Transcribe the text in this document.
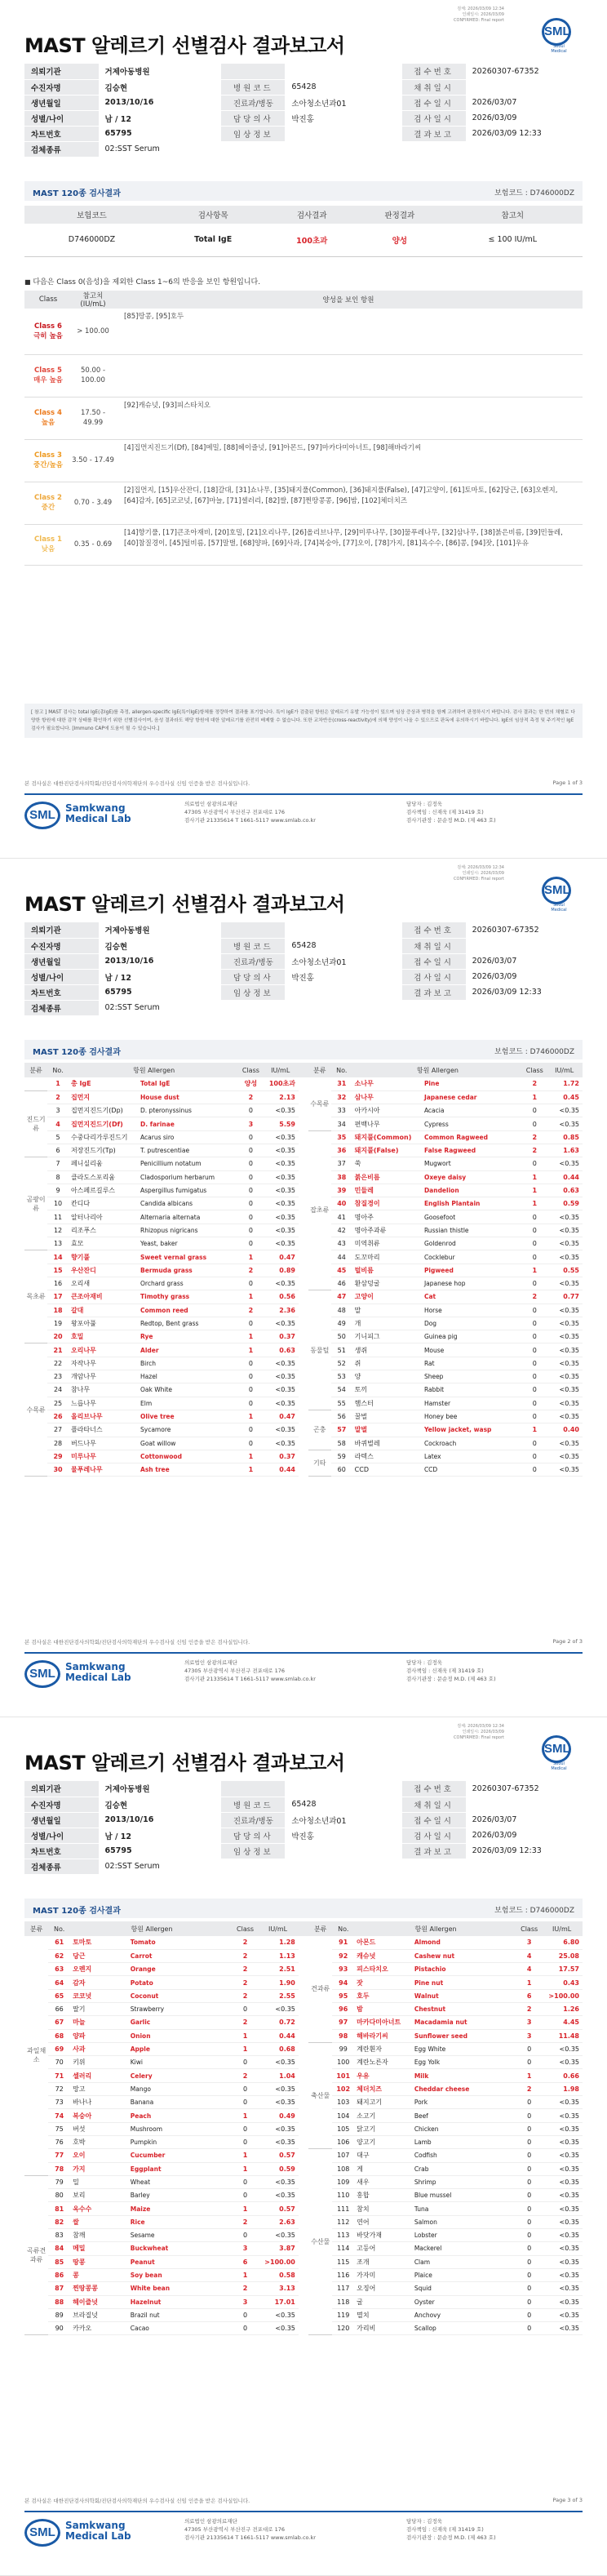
검체: 2026/03/09 12:34
인쇄일시: 2026/03/09
CONFIRMED: Final report
SML
Seoul Medical
MAST 알레르기 선별검사 결과보고서
의뢰기관	거제아동병원			접수번호	20260307-67352
수진자명	김승현	병원코드	65428	채취일시	
생년월일	2013/10/16	진료과/병동	소아청소년과01	접수일시	2026/03/07
성별/나이	남 / 12	담당의사	박진홍	검사일시	2026/03/09
차트번호	65795	임상정보		결과보고	2026/03/09 12:33
검체종류	02:SST Serum				
MAST 120종 검사결과	보험코드 : D746000DZ
본 검사실은 대한진단검사의학회/진단검사의학재단의 우수검사실 신임 인증을 받은 검사실입니다.	Page 1 of 3
SML	Samkwang
Medical Lab
의료법인 삼광의료재단
47305 부산광역시 부산진구 전포대로 176
검사기관 21335614 T 1661-5117 www.smlab.co.kr
담당자 : 김정욱
검사책임 : 신재욱 (제 31419 호)
검사기관장 : 문순정 M.D. (제 463 호)
보험코드	검사항목	검사결과	판정결과	참고치
D746000DZ	Total IgE	100초과	양성	≤ 100 IU/mL
■ 다음은 Class 0(음성)을 제외한 Class 1~6의 반응을 보인 항원입니다.
Class	참고치(IU/mL)	양성을 보인 항원

Class 6
극히 높음	> 100.00	[85]땅콩, [95]호두

Class 5
매우 높음	50.00 - 100.00	

Class 4
높음	17.50 - 49.99	[92]캐슈넛, [93]피스타치오

Class 3
중간/높음	3.50 - 17.49	[4]집먼지진드기(Df), [84]메밀, [88]헤이즐넛, [91]아몬드, [97]마카다미아너트, [98]해바라기씨

Class 2
중간	0.70 - 3.49	[2]집먼지, [15]우산잔디, [18]갈대, [31]쇼나무, [35]돼지풀(Common), [36]돼지풀(False), [47]고양이, [61]토마토, [62]당근, [63]오렌지, [64]감자, [65]코코넛, [67]마늘, [71]셀러리, [82]쌀, [87]찐땅콩콩, [96]밤, [102]체더치즈

Class 1
낮음	0.35 - 0.69	[14]향기풀, [17]큰조아재비, [20]호밀, [21]오리나무, [26]올리브나무, [29]미루나무, [30]물푸레나무, [32]삼나무, [38]붉은비름, [39]민들레, [40]참질경이, [45]털비름, [57]말벌, [68]양파, [69]사과, [74]복숭아, [77]오이, [78]가지, [81]옥수수, [86]콩, [94]잣, [101]우유
[ 참고 ] MAST 검사는 total IgE(총IgE)를 측정, allergen-specific IgE(특이IgE)항체를 정량하여 결과를 표기합니다. 특이 IgE가 검출된 항원은 알레르기 유발 가능성이 있으며 임상 증상과 병력을 함께 고려하여 판정하시기 바랍니다. 검사 결과는 한 번의 채혈로 다양한 항원에 대한 감작 상태를 확인하기 위한 선별검사이며, 음성 결과라도 해당 항원에 대한 알레르기를 완전히 배제할 수 없습니다. 또한 교차반응(cross-reactivity)에 의해 양성이 나올 수 있으므로 판독에 유의하시기 바랍니다. IgE의 임상적 측정 및 주기적인 IgE 검사가 필요합니다. [Immuno CAP에 도움이 될 수 있습니다.]
검체: 2026/03/09 12:34
인쇄일시: 2026/03/09
CONFIRMED: Final report
SML
Seoul Medical
MAST 알레르기 선별검사 결과보고서
의뢰기관	거제아동병원			접수번호	20260307-67352
수진자명	김승현	병원코드	65428	채취일시	
생년월일	2013/10/16	진료과/병동	소아청소년과01	접수일시	2026/03/07
성별/나이	남 / 12	담당의사	박진홍	검사일시	2026/03/09
차트번호	65795	임상정보		결과보고	2026/03/09 12:33
검체종류	02:SST Serum				
MAST 120종 검사결과	보험코드 : D746000DZ
본 검사실은 대한진단검사의학회/진단검사의학재단의 우수검사실 신임 인증을 받은 검사실입니다.	Page 2 of 3
SML	Samkwang
Medical Lab
의료법인 삼광의료재단
47305 부산광역시 부산진구 전포대로 176
검사기관 21335614 T 1661-5117 www.smlab.co.kr
담당자 : 김정욱
검사책임 : 신재욱 (제 31419 호)
검사기관장 : 문순정 M.D. (제 463 호)
분류	No.	항원 Allergen		Class	IU/mL		분류	No.	항원 Allergen		Class	IU/mL
	1	총 IgE	Total IgE	양성	100초과		수목류	31	소나무	Pine	2	1.72
진드기류	2	집먼지	House dust	2	2.13			32	삼나무	Japanese cedar	1	0.45
	3	집먼지진드기(Dp)	D. pteronyssinus	0	<0.35			33	아카시아	Acacia	0	<0.35
	4	집먼지진드기(Df)	D. farinae	3	5.59			34	편백나무	Cypress	0	<0.35
	5	수중다리가루진드기	Acarus siro	0	<0.35		잡초류	35	돼지풀(Common)	Common Ragweed	2	0.85
	6	저장진드기(Tp)	T. putrescentiae	0	<0.35			36	돼지풀(False)	False Ragweed	2	1.63
곰팡이류	7	페니실리움	Penicillium notatum	0	<0.35			37	쑥	Mugwort	0	<0.35
	8	클라도스포리움	Cladosporium herbarum	0	<0.35			38	붉은비름	Oxeye daisy	1	0.44
	9	아스페르길루스	Aspergillus fumigatus	0	<0.35			39	민들레	Dandelion	1	0.63
	10	칸디다	Candida albicans	0	<0.35			40	참질경이	English Plantain	1	0.59
	11	알터나리아	Alternaria alternata	0	<0.35			41	명아주	Goosefoot	0	<0.35
	12	리조푸스	Rhizopus nigricans	0	<0.35			42	명아주과류	Russian thistle	0	<0.35
	13	효모	Yeast, baker	0	<0.35			43	미역취류	Goldenrod	0	<0.35
목초류	14	향기풀	Sweet vernal grass	1	0.47			44	도꼬마리	Cocklebur	0	<0.35
	15	우산잔디	Bermuda grass	2	0.89			45	털비름	Pigweed	1	0.55
	16	오리새	Orchard grass	0	<0.35			46	환삼덩굴	Japanese hop	0	<0.35
	17	큰조아재비	Timothy grass	1	0.56		동물털	47	고양이	Cat	2	0.77
	18	갈대	Common reed	2	2.36			48	말	Horse	0	<0.35
	19	왕포아풀	Redtop, Bent grass	0	<0.35			49	개	Dog	0	<0.35
	20	호밀	Rye	1	0.37			50	기니피그	Guinea pig	0	<0.35
수목류	21	오리나무	Alder	1	0.63			51	생쥐	Mouse	0	<0.35
	22	자작나무	Birch	0	<0.35			52	쥐	Rat	0	<0.35
	23	개암나무	Hazel	0	<0.35			53	양	Sheep	0	<0.35
	24	참나무	Oak White	0	<0.35			54	토끼	Rabbit	0	<0.35
	25	느릅나무	Elm	0	<0.35			55	햄스터	Hamster	0	<0.35
	26	올리브나무	Olive tree	1	0.47		곤충	56	꿀벌	Honey bee	0	<0.35
	27	플라타너스	Sycamore	0	<0.35			57	말벌	Yellow jacket, wasp	1	0.40
	28	버드나무	Goat willow	0	<0.35			58	바퀴벌레	Cockroach	0	<0.35
	29	미루나무	Cottonwood	1	0.37		기타	59	라텍스	Latex	0	<0.35
	30	물푸레나무	Ash tree	1	0.44			60	CCD	CCD	0	<0.35
검체: 2026/03/09 12:34
인쇄일시: 2026/03/09
CONFIRMED: Final report
SML
Seoul Medical
MAST 알레르기 선별검사 결과보고서
의뢰기관	거제아동병원			접수번호	20260307-67352
수진자명	김승현	병원코드	65428	채취일시	
생년월일	2013/10/16	진료과/병동	소아청소년과01	접수일시	2026/03/07
성별/나이	남 / 12	담당의사	박진홍	검사일시	2026/03/09
차트번호	65795	임상정보		결과보고	2026/03/09 12:33
검체종류	02:SST Serum				
MAST 120종 검사결과	보험코드 : D746000DZ
본 검사실은 대한진단검사의학회/진단검사의학재단의 우수검사실 신임 인증을 받은 검사실입니다.	Page 3 of 3
SML	Samkwang
Medical Lab
의료법인 삼광의료재단
47305 부산광역시 부산진구 전포대로 176
검사기관 21335614 T 1661-5117 www.smlab.co.kr
담당자 : 김정욱
검사책임 : 신재욱 (제 31419 호)
검사기관장 : 문순정 M.D. (제 463 호)
분류	No.	항원 Allergen		Class	IU/mL		분류	No.	항원 Allergen		Class	IU/mL
과일채소	61	토마토	Tomato	2	1.28		견과류	91	아몬드	Almond	3	6.80
	62	당근	Carrot	2	1.13			92	캐슈넛	Cashew nut	4	25.08
	63	오렌지	Orange	2	2.51			93	피스타치오	Pistachio	4	17.57
	64	감자	Potato	2	1.90			94	잣	Pine nut	1	0.43
	65	코코넛	Coconut	2	2.55			95	호두	Walnut	6	>100.00
	66	딸기	Strawberry	0	<0.35			96	밤	Chestnut	2	1.26
	67	마늘	Garlic	2	0.72			97	마카다미아너트	Macadamia nut	3	4.45
	68	양파	Onion	1	0.44			98	해바라기씨	Sunflower seed	3	11.48
	69	사과	Apple	1	0.68		축산물	99	계란흰자	Egg White	0	<0.35
	70	키위	Kiwi	0	<0.35			100	계란노른자	Egg Yolk	0	<0.35
	71	셀러리	Celery	2	1.04			101	우유	Milk	1	0.66
	72	망고	Mango	0	<0.35			102	체더치즈	Cheddar cheese	2	1.98
	73	바나나	Banana	0	<0.35			103	돼지고기	Pork	0	<0.35
	74	복숭아	Peach	1	0.49			104	소고기	Beef	0	<0.35
	75	버섯	Mushroom	0	<0.35			105	닭고기	Chicken	0	<0.35
	76	호박	Pumpkin	0	<0.35			106	양고기	Lamb	0	<0.35
	77	오이	Cucumber	1	0.57		수산물	107	대구	Codfish	0	<0.35
	78	가지	Eggplant	1	0.59			108	게	Crab	0	<0.35
곡류견과류	79	밀	Wheat	0	<0.35			109	새우	Shrimp	0	<0.35
	80	보리	Barley	0	<0.35			110	홍합	Blue mussel	0	<0.35
	81	옥수수	Maize	1	0.57			111	참치	Tuna	0	<0.35
	82	쌀	Rice	2	2.63			112	연어	Salmon	0	<0.35
	83	참깨	Sesame	0	<0.35			113	바닷가재	Lobster	0	<0.35
	84	메밀	Buckwheat	3	3.87			114	고등어	Mackerel	0	<0.35
	85	땅콩	Peanut	6	>100.00			115	조개	Clam	0	<0.35
	86	콩	Soy bean	1	0.58			116	가자미	Plaice	0	<0.35
	87	찐땅콩콩	White bean	2	3.13			117	오징어	Squid	0	<0.35
	88	헤이즐넛	Hazelnut	3	17.01			118	굴	Oyster	0	<0.35
	89	브라질넛	Brazil nut	0	<0.35			119	멸치	Anchovy	0	<0.35
	90	카카오	Cacao	0	<0.35			120	가리비	Scallop	0	<0.35
